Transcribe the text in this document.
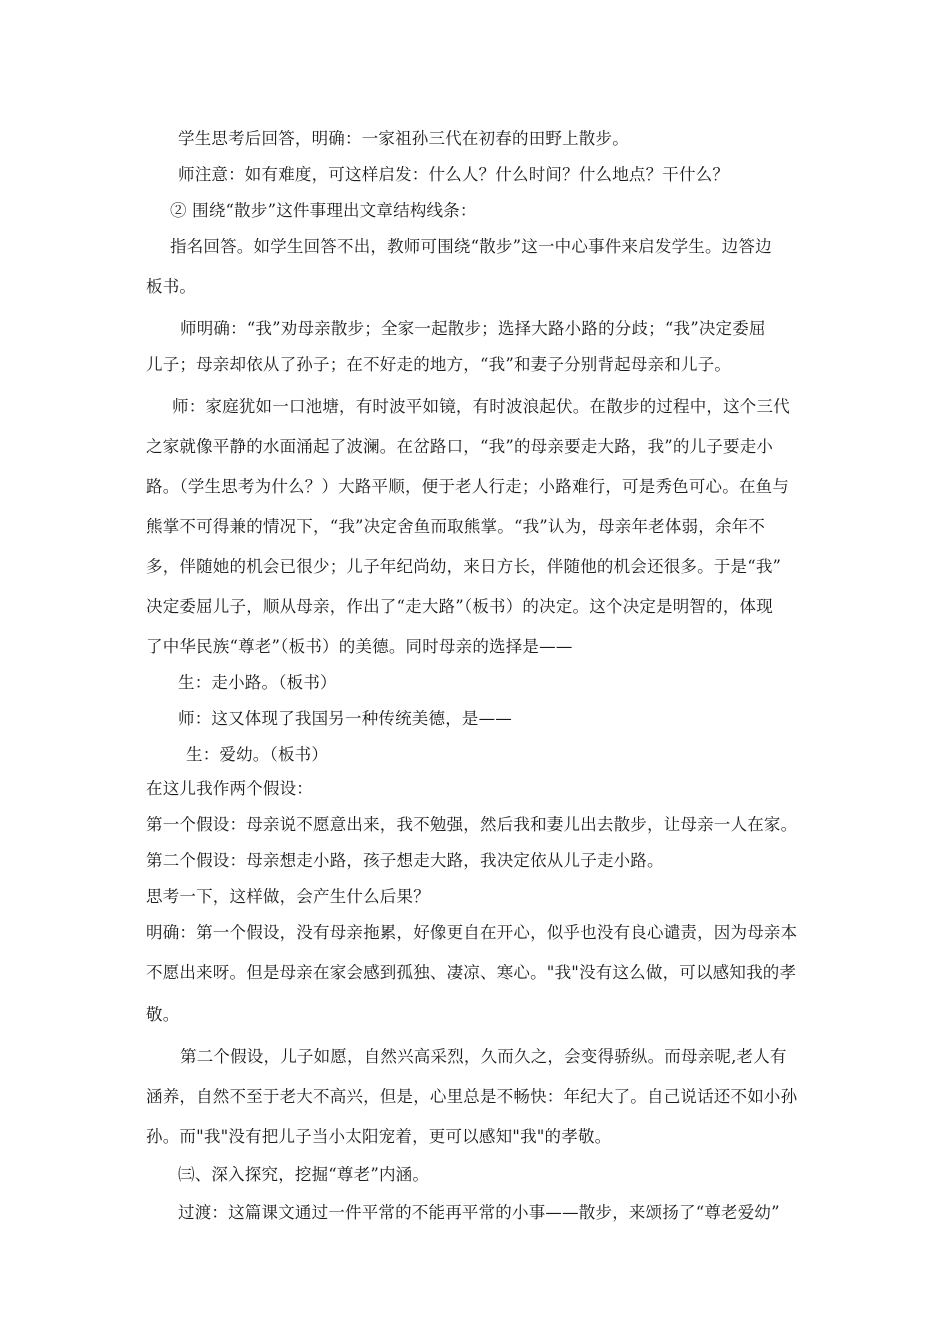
学生思考后回答，明确：一家祖孙三代在初春的田野上散步。
师注意：如有难度，可这样启发：什么人？什么时间？什么地点？干什么？
② 围绕“散步”这件事理出文章结构线条：
指名回答。如学生回答不出，教师可围绕“散步”这一中心事件来启发学生。边答边
板书。
师明确：“我”劝母亲散步；全家一起散步；选择大路小路的分歧；“我”决定委屈
儿子；母亲却依从了孙子；在不好走的地方，“我”和妻子分别背起母亲和儿子。
师：家庭犹如一口池塘，有时波平如镜，有时波浪起伏。在散步的过程中，这个三代
之家就像平静的水面涌起了波澜。在岔路口，“我”的母亲要走大路，我”的儿子要走小
路。（学生思考为什么？）大路平顺，便于老人行走；小路难行，可是秀色可心。在鱼与
熊掌不可得兼的情况下，“我”决定舍鱼而取熊掌。“我”认为，母亲年老体弱，余年不
多，伴随她的机会已很少；儿子年纪尚幼，来日方长，伴随他的机会还很多。于是“我”
决定委屈儿子，顺从母亲，作出了“走大路”（板书）的决定。这个决定是明智的，体现
了中华民族“尊老”（板书）的美德。同时母亲的选择是——
生：走小路。（板书）
师：这又体现了我国另一种传统美德，是——
生：爱幼。（板书）
在这儿我作两个假设：
第一个假设：母亲说不愿意出来，我不勉强，然后我和妻儿出去散步，让母亲一人在家。
第二个假设：母亲想走小路，孩子想走大路，我决定依从儿子走小路。
思考一下，这样做，会产生什么后果？
明确：第一个假设，没有母亲拖累，好像更自在开心，似乎也没有良心谴责，因为母亲本
不愿出来呀。但是母亲在家会感到孤独、凄凉、寒心。"我"没有这么做，可以感知我的孝
敬。
第二个假设，儿子如愿，自然兴高采烈，久而久之，会变得骄纵。而母亲呢,老人有
涵养，自然不至于老大不高兴，但是，心里总是不畅快：年纪大了。自己说话还不如小孙
孙。而"我"没有把儿子当小太阳宠着，更可以感知"我"的孝敬。
㈢、深入探究，挖掘“尊老”内涵。
过渡：这篇课文通过一件平常的不能再平常的小事——散步，来颂扬了“尊老爱幼”
